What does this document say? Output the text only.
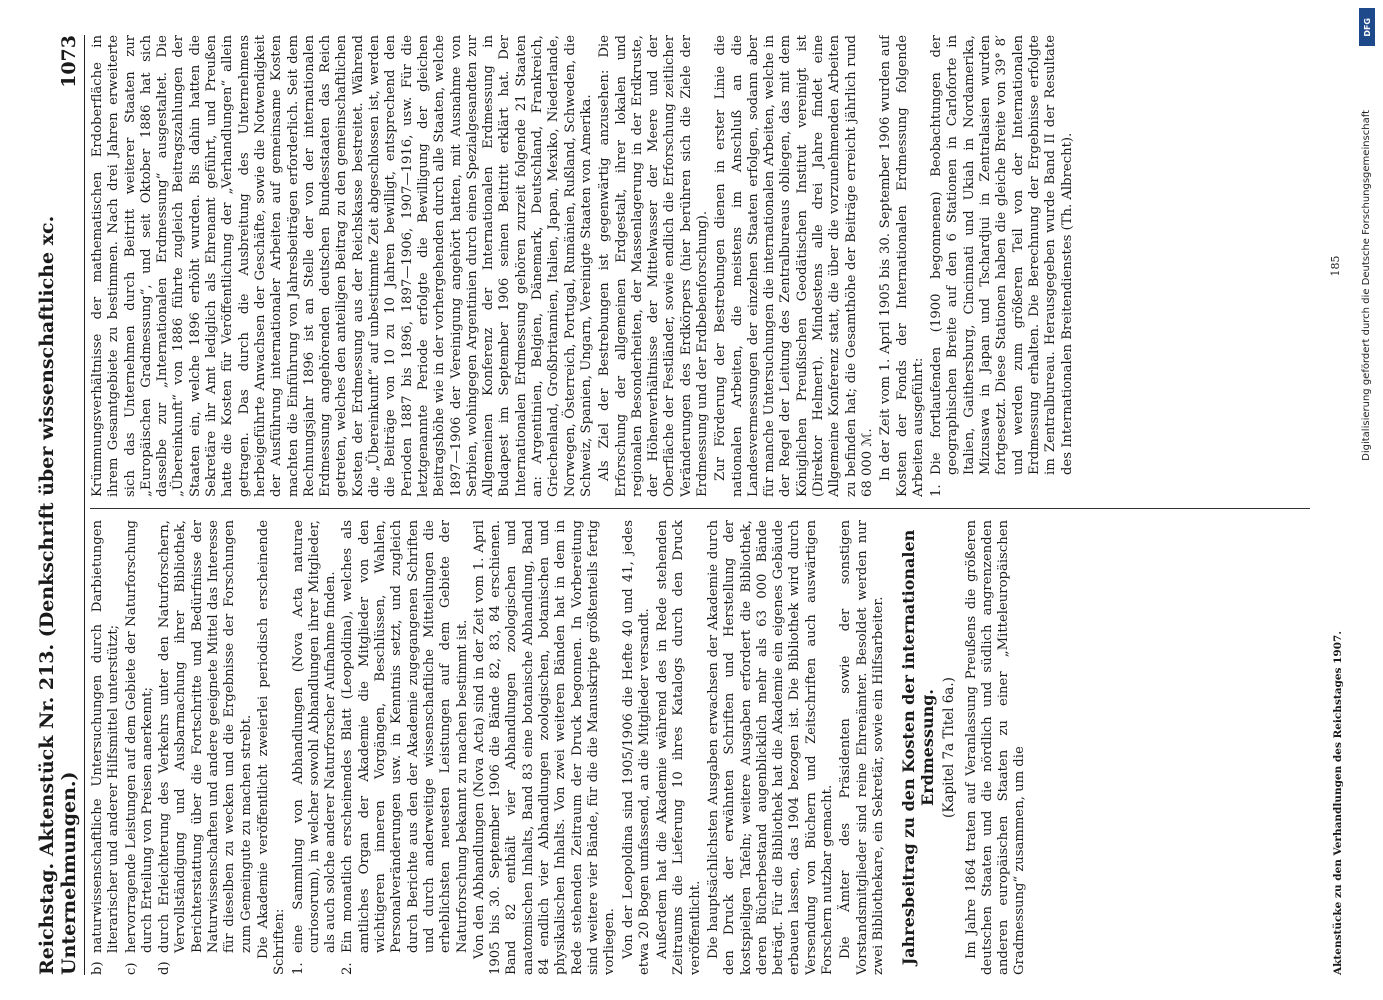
Reichstag. Aktenstück Nr. 213. (Denkschrift über wissenschaftliche xc. Unternehmungen.)
1073
b)
naturwissenschaftliche Untersuchungen durch Darbietungen literarischer und anderer Hilfsmittel unterstützt;
c)
hervorragende Leistungen auf dem Gebiete der Naturforschung durch Erteilung von Preisen anerkennt;
d)
durch Erleichterung des Verkehrs unter den Naturforschern, Vervollständigung und Ausbarmachung ihrer Bibliothek, Berichterstattung über die Fortschritte und Bedürfnisse der Naturwissenschaften und andere geeignete Mittel das Interesse für dieselben zu wecken und die Ergebnisse der Forschungen zum Gemeingute zu machen strebt. Die Akademie veröffentlicht zweierlei periodisch erscheinende Schriften: 1.
eine Sammlung von Abhandlungen (Nova Acta naturae curiosorum), in welcher sowohl Abhandlungen ihrer Mitglieder, als auch solche anderer Naturforscher Aufnahme finden.
2.
Ein monatlich erscheinendes Blatt (Leopoldina), welches als amtliches Organ der Akademie die Mitglieder von den wichtigeren inneren Vorgängen, Beschlüssen, Wahlen, Personalveränderungen usw. in Kenntnis setzt, und zugleich durch Berichte aus den der Akademie zugegangenen Schriften und durch anderweitige wissenschaftliche Mitteilungen die erheblichsten neuesten Leistungen auf dem Gebiete der Naturforschung bekannt zu machen bestimmt ist. Von den Abhandlungen (Nova Acta) sind in der Zeit vom 1. April 1905 bis 30. September 1906 die Bände 82, 83, 84 erschienen. Band 82 enthält vier Abhandlungen zoologischen und anatomischen Inhalts, Band 83 eine botanische Abhandlung, Band 84 endlich vier Abhandlungen zoologischen, botanischen und physikalischen Inhalts. Von zwei weiteren Bänden hat in dem in Rede stehenden Zeitraum der Druck begonnen. In Vorbereitung sind weitere vier Bände, für die die Manuskripte größtenteils fertig vorliegen. Von der Leopoldina sind 1905/1906 die Hefte 40 und 41, jedes etwa 20 Bogen umfassend, an die Mitglieder versandt. Außerdem hat die Akademie während des in Rede stehenden Zeitraums die Lieferung 10 ihres Katalogs durch den Druck veröffentlicht. Die hauptsächlichsten Ausgaben erwachsen der Akademie durch den Druck der erwähnten Schriften und Herstellung der kostspieligen Tafeln; weitere Ausgaben erfordert die Bibliothek, deren Bücherbestand augenblicklich mehr als 63 000 Bände beträgt. Für die Bibliothek hat die Akademie ein eigenes Gebäude erbauen lassen, das 1904 bezogen ist. Die Bibliothek wird durch Versendung von Büchern und Zeitschriften auch auswärtigen Forschern nutzbar gemacht. Die Ämter des Präsidenten sowie der sonstigen Vorstandsmitglieder sind reine Ehrenämter. Besoldet werden nur zwei Bibliothekare, ein Sekretär, sowie ein Hilfsarbeiter. Jahresbeitrag zu den Kosten der internationalen Erdmessung. (Kapitel 7a Titel 6a.) Im Jahre 1864 traten auf Veranlassung Preußens die größeren deutschen Staaten und die nördlich und südlich angrenzenden anderen europäischen Staaten zu einer „Mitteleuropäischen Gradmessung“ zusammen, um die

Krümmungsverhältnisse der mathematischen Erdoberfläche in ihrem Gesamtgebiete zu bestimmen. Nach drei Jahren erweiterte sich das Unternehmen durch Beitritt weiterer Staaten zur „Europäischen Gradmessung“, und seit Oktober 1886 hat sich dasselbe zur „Internationalen Erdmessung“ ausgestaltet. Die „Übereinkunft“ von 1886 führte zugleich Beitragszahlungen der Staaten ein, welche 1896 erhöht wurden. Bis dahin hatten die Sekretäre ihr Amt lediglich als Ehrenamt geführt, und Preußen hatte die Kosten für Veröffentlichung der „Verhandlungen“ allein getragen. Das durch die Ausbreitung des Unternehmens herbeigeführte Anwachsen der Geschäfte, sowie die Notwendigkeit der Ausführung internationaler Arbeiten auf gemeinsame Kosten machten die Einführung von Jahresbeiträgen erforderlich. Seit dem Rechnungsjahr 1896 ist an Stelle der von der internationalen Erdmessung angehörenden deutschen Bundesstaaten das Reich getreten, welches den anteiligen Beitrag zu den gemeinschaftlichen Kosten der Erdmessung aus der Reichskasse bestreitet. Während die „Übereinkunft“ auf unbestimmte Zeit abgeschlossen ist, werden die Beiträge von 10 zu 10 Jahren bewilligt, entsprechend den Perioden 1887 bis 1896, 1897—1906, 1907—1916, usw. Für die letztgenannte Periode erfolgte die Bewilligung der gleichen Beitragshöhe wie in der vorhergehenden durch alle Staaten, welche 1897—1906 der Vereinigung angehört hatten, mit Ausnahme von Serbien, wohingegen Argentinien durch einen Spezialgesandten zur Allgemeinen Konferenz der Internationalen Erdmessung in Budapest im September 1906 seinen Beitritt erklärt hat. Der Internationalen Erdmessung gehören zurzeit folgende 21 Staaten an: Argentinien, Belgien, Dänemark, Deutschland, Frankreich, Griechenland, Großbritannien, Italien, Japan, Mexiko, Niederlande, Norwegen, Österreich, Portugal, Rumänien, Rußland, Schweden, die Schweiz, Spanien, Ungarn, Vereinigte Staaten von Amerika. Als Ziel der Bestrebungen ist gegenwärtig anzusehen: Die Erforschung der allgemeinen Erdgestalt, ihrer lokalen und regionalen Besonderheiten, der Massenlagerung in der Erdkruste, der Höhenverhältnisse der Mittelwasser der Meere und der Oberfläche der Festländer, sowie endlich die Erforschung zeitlicher Veränderungen des Erdkörpers (hier berühren sich die Ziele der Erdmessung und der Erdbebenforschung). Zur Förderung der Bestrebungen dienen in erster Linie die nationalen Arbeiten, die meistens im Anschluß an die Landesvermessungen der einzelnen Staaten erfolgen, sodann aber für manche Untersuchungen die internationalen Arbeiten, welche in der Regel der Leitung des Zentralbureaus obliegen, das mit dem Königlichen Preußischen Geodätischen Institut vereinigt ist (Direktor Helmert). Mindestens alle drei Jahre findet eine Allgemeine Konferenz statt, die über die vorzunehmenden Arbeiten zu befinden hat; die Gesamthöhe der Beiträge erreicht jährlich rund 68 000 ℳ. In der Zeit vom 1. April 1905 bis 30. September 1906 wurden auf Kosten der Fonds der Internationalen Erdmessung folgende Arbeiten ausgeführt: 1.
Die fortlaufenden (1900 begonnenen) Beobachtungen der geographischen Breite auf den 6 Stationen in Carloforte in Italien, Gaithersburg, Cincinnati und Ukiah in Nordamerika, Mizusawa in Japan und Tschardjui in Zentralasien wurden fortgesetzt. Diese Stationen haben die gleiche Breite von 39° 8′ und werden zum größeren Teil von der Internationalen Erdmessung erhalten. Die Berechnung der Ergebnisse erfolgte im Zentralbureau. Herausgegeben wurde Band II der Resultate des Internationalen Breitendienstes (Th. Albrecht).
Aktenstücke zu den Verhandlungen des Reichstages 1907.
185
DFG
Digitalisierung gefördert durch die Deutsche Forschungsgemeinschaft
